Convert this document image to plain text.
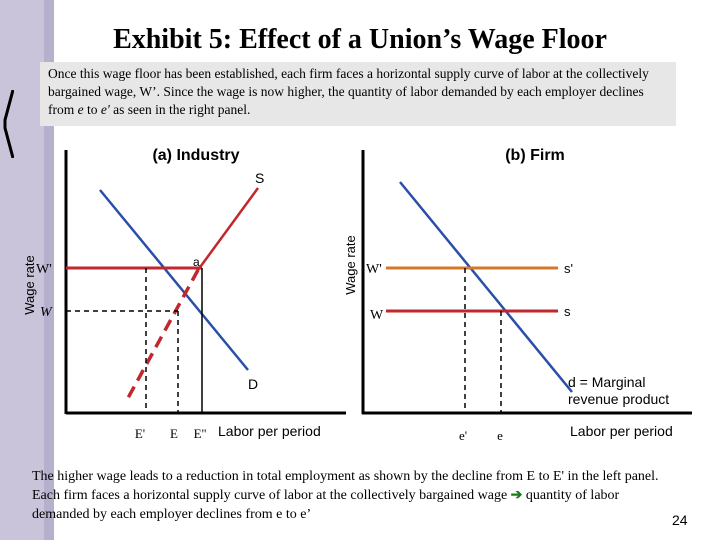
Exhibit 5: Effect of a Union’s Wage Floor
Once this wage floor has been established, each firm faces a horizontal supply curve of labor at the collectively bargained wage, W’. Since the wage is now higher, the quantity of labor demanded by each employer declines from e to e' as seen in the right panel.
(a) Industry
Wage rate
D
S
a
W'
W
E' E E'' Labor per period
(b) Firm
Wage rate
d = Marginal
revenue product
s'
s
W'
W
e' e	Labor per period
The higher wage leads to a reduction in total employment as shown by the decline from E to E' in the left panel. Each firm faces a horizontal supply curve of labor at the collectively bargained wage ➔ quantity of labor demanded by each employer declines from e to e’	24
